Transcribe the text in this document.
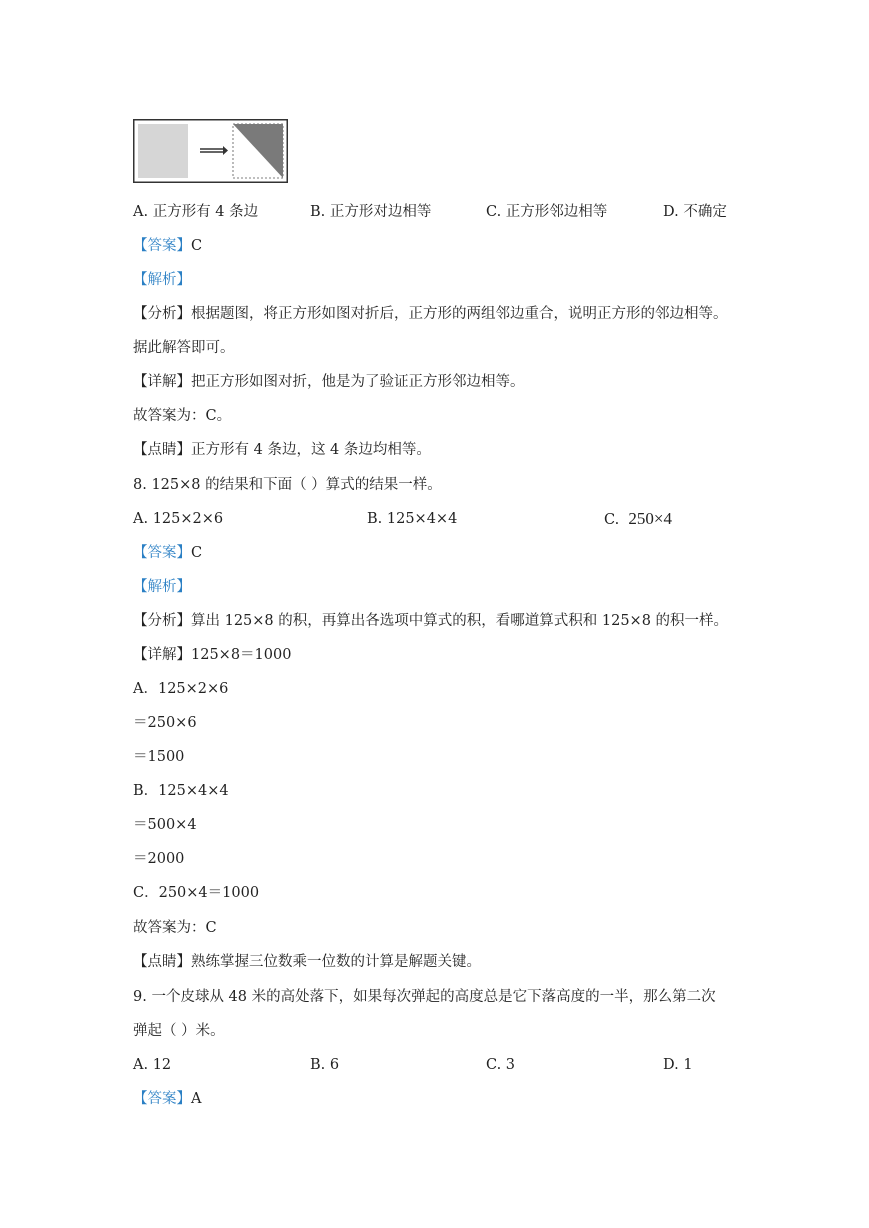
A. 正方形有 4 条边	B. 正方形对边相等	C. 正方形邻边相等	D. 不确定
【答案】C
【解析】
【分析】根据题图，将正方形如图对折后，正方形的两组邻边重合，说明正方形的邻边相等。
据此解答即可。
【详解】把正方形如图对折，他是为了验证正方形邻边相等。
故答案为：C。
【点睛】正方形有 4 条边，这 4 条边均相等。
8. 125×8 的结果和下面（ ）算式的结果一样。
A. 125×2×6	B. 125×4×4	C. 250×4
【答案】C
【解析】
【分析】算出 125×8 的积，再算出各选项中算式的积，看哪道算式积和 125×8 的积一样。
【详解】125×8＝1000
A．125×2×6
＝250×6
＝1500
B．125×4×4
＝500×4
＝2000
C．250×4＝1000
故答案为：C
【点睛】熟练掌握三位数乘一位数的计算是解题关键。
9. 一个皮球从 48 米的高处落下，如果每次弹起的高度总是它下落高度的一半，那么第二次
弹起（ ）米。
A. 12	B. 6	C. 3	D. 1
【答案】A
